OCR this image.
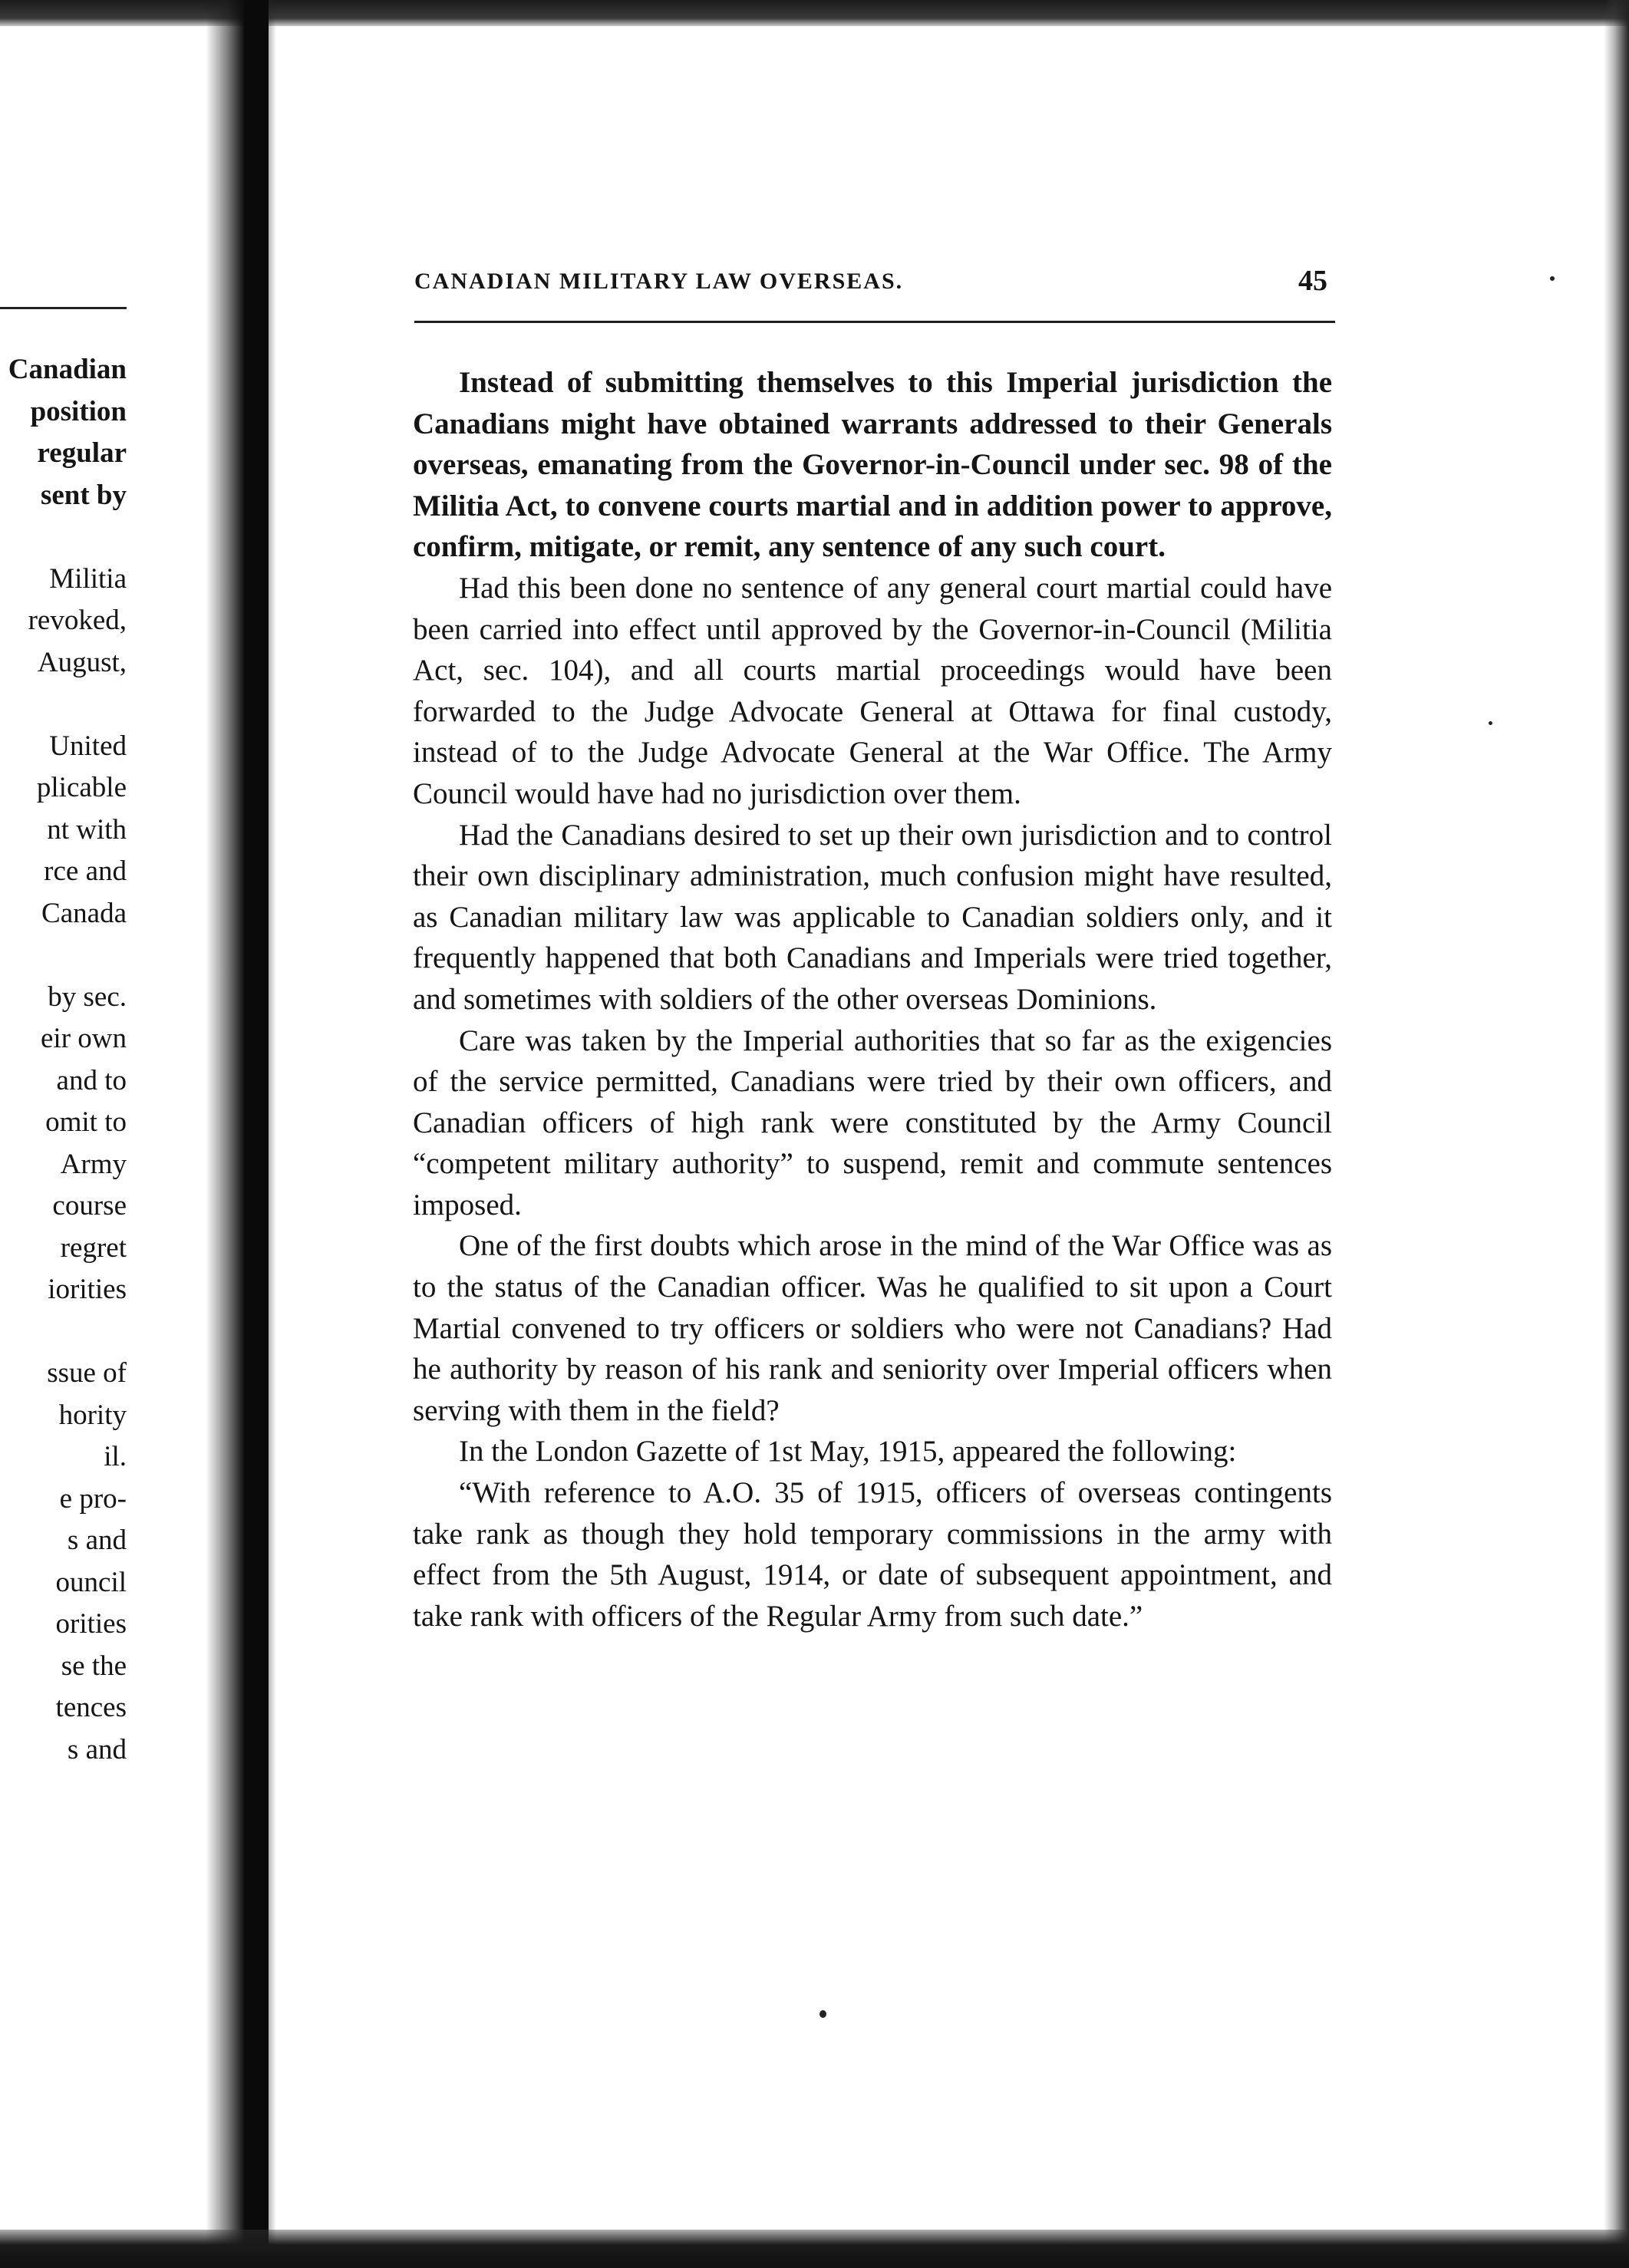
Canadian
position
regular
sent by
Militia
revoked,
August,
United
plicable
nt with
rce and
Canada
by sec.
eir own
and to
omit to
Army
course
regret
iorities
ssue of
hority
il.
e pro-
s and
ouncil
orities
se the
tences
s and
CANADIAN MILITARY LAW OVERSEAS.	45

Instead of submitting themselves to this Imperial jurisdiction the Canadians might have obtained warrants addressed to their Generals overseas, emanating from the Governor-in-Council under sec. 98 of the Militia Act, to convene courts martial and in addition power to approve, confirm, mitigate, or remit, any sentence of any such court.

Had this been done no sentence of any general court martial could have been carried into effect until approved by the Governor-in-Council (Militia Act, sec. 104), and all courts martial proceedings would have been forwarded to the Judge Advocate General at Ottawa for final custody, instead of to the Judge Advocate General at the War Office. The Army Council would have had no jurisdiction over them.

Had the Canadians desired to set up their own jurisdiction and to control their own disciplinary administration, much confusion might have resulted, as Canadian military law was applicable to Canadian soldiers only, and it frequently happened that both Canadians and Imperials were tried together, and sometimes with soldiers of the other overseas Dominions.

Care was taken by the Imperial authorities that so far as the exigencies of the service permitted, Canadians were tried by their own officers, and Canadian officers of high rank were constituted by the Army Council “competent military authority” to suspend, remit and commute sentences imposed.

One of the first doubts which arose in the mind of the War Office was as to the status of the Canadian officer. Was he qualified to sit upon a Court Martial convened to try officers or soldiers who were not Canadians? Had he authority by reason of his rank and seniority over Imperial officers when serving with them in the field?

In the London Gazette of 1st May, 1915, appeared the following:

“With reference to A.O. 35 of 1915, officers of overseas contingents take rank as though they hold temporary commissions in the army with effect from the 5th August, 1914, or date of subsequent appointment, and take rank with officers of the Regular Army from such date.”
